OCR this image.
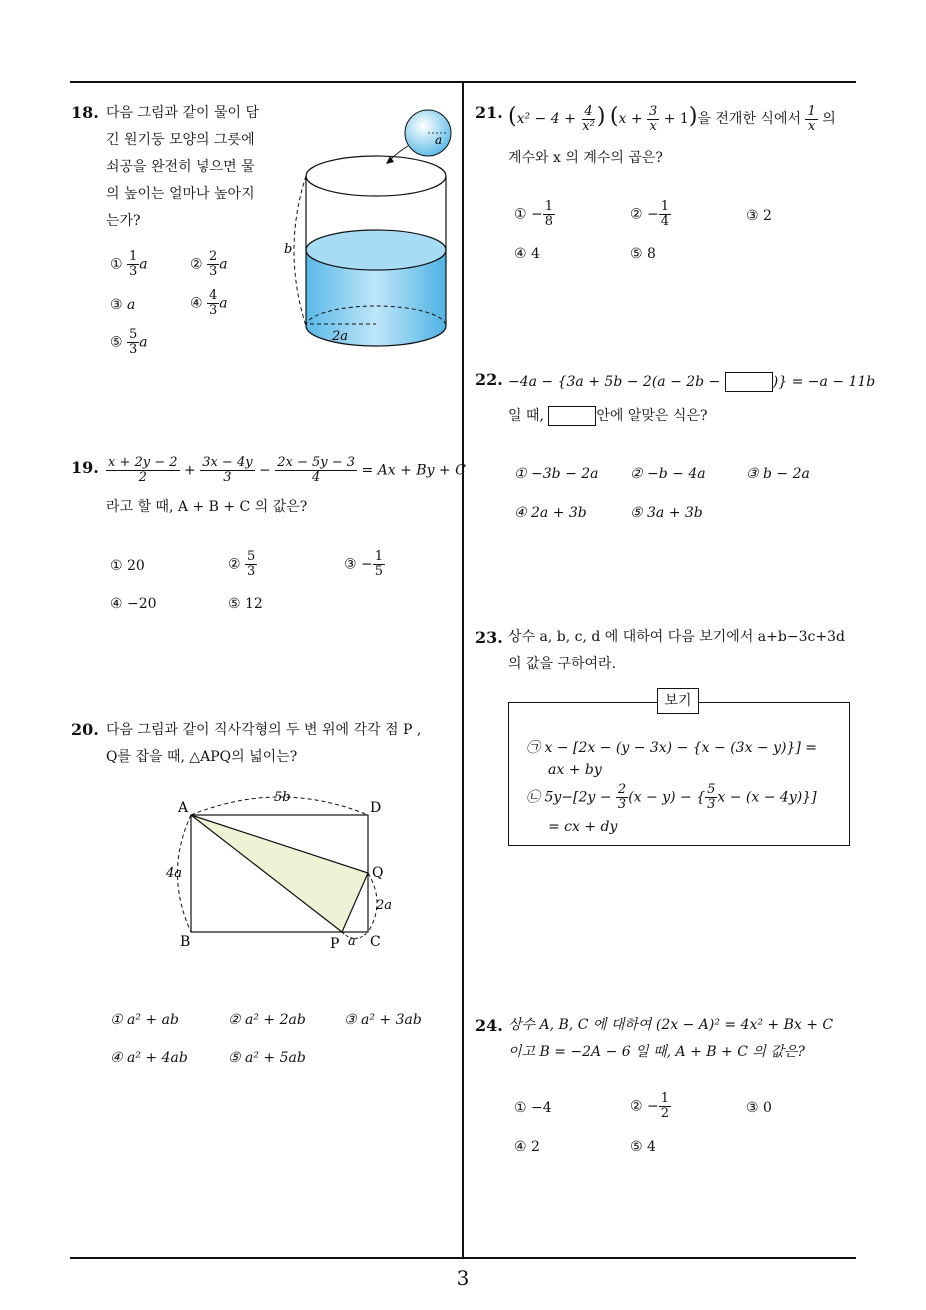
18. 다음 그림과 같이 물이 담
긴 원기둥 모양의 그릇에
쇠공을 완전히 넣으면 물
의 높이는 얼마나 높아지
는가?
2a
b
a
① $\frac{1}{3}$ a	② $\frac{2}{3}$ a
③ a	④ $\frac{4}{3}$ a
⑤ $\frac{5}{3}$ a
19. $\frac{x + 2y - 2}{2} + \frac{3x - 4y}{3} - \frac{2x - 5y - 3}{4} = Ax + By + C$
라고 할 때, A + B + C 의 값은?
① 20	② $\frac{5}{3}$	③ − $\frac{1}{5}$
④ −20	⑤ 12
20. 다음 그림과 같이 직사각형의 두 변 위에 각각 점 P ,
Q를 잡을 때, △APQ의 넓이는?
A	D
B	C
P
Q
5b
4a
2a
a
① a² + ab	② a² + 2ab	③ a² + 3ab
④ a² + 4ab	⑤ a² + 5ab
21. ($x^2 - 4 + \frac{4}{\text{x²}}$ ) $(x + \frac{3}{x} + 1)$을 전개한 식에서 $\frac{1}{x}$ 의
계수와 x 의 계수의 곱은?
① − $\frac{1}{8}$	② − $\frac{1}{4}$	③ 2
④ 4	⑤ 8
22. −4a − {3a + 5b − 2(a − 2b −	)} = −a − 11b
일 때,	안에 알맞은 식은?
① −3b − 2a ② −b − 4a	③ b − 2a
④ 2a + 3b	⑤ 3a + 3b
23. 상수 a, b, c, d 에 대하여 다음 보기에서 a+b−3c+3d
의 값을 구하여라.
보기
㉠ x − [2x − (y − 3x) − {x − (3x − y)}] =
ax + by
㉡ $5y-[2y - \frac{2}{3} (x - y)$ − { $\frac{5}{3}$ x − (x − 4y)}]
= cx + dy
24. 상수 A, B, C 에 대하여 (2x − A)² = 4x² + Bx + C
이고 B = −2A − 6 일 때, A + B + C 의 값은?
① −4	② − $\frac{1}{2}$	③ 0
④ 2	⑤ 4
3
